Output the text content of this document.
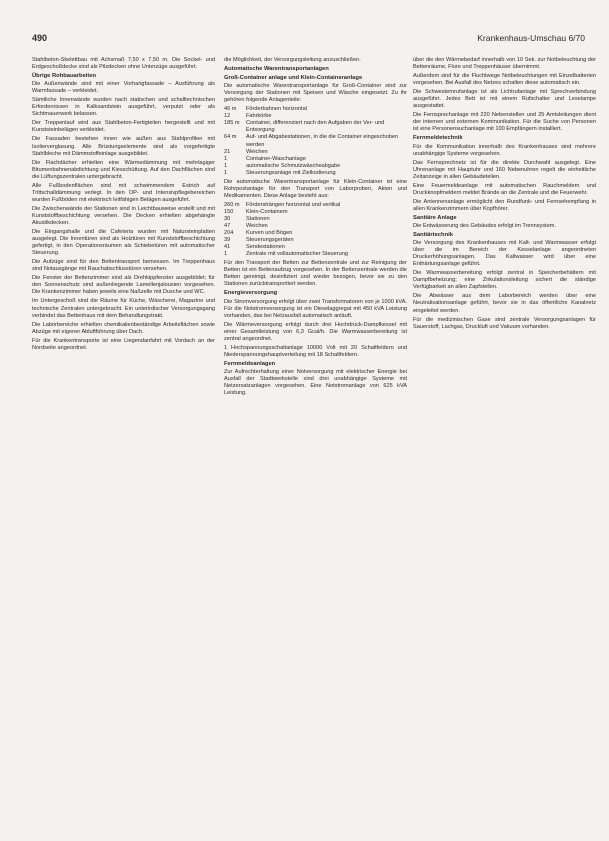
490	Krankenhaus-Umschau 6/70

Stahlbeton-Skelettbau mit Achsmaß 7,50 x 7,50 m. Die Sockel- und Erdgeschoßdecke sind als Pilzdecken ohne Unterzüge ausgeführt.

Übrige Rohbauarbeiten

Die Außenwände sind mit einer Vorhangfassade – Ausführung als Warmfassade – verkleidet.

Sämtliche Innenwände wurden nach statischen und schalltechnischen Erfordernissen in Kalksandstein ausgeführt, verputzt oder als Sichtmauerwerk belassen.

Der Treppenlauf wird aus Stahlbeton-Fertigteilen hergestellt und mit Kunststeinbelägen verkleidet.

Die Fassaden bestehen innen wie außen aus Stahlprofilen mit Isolierverglasung. Alle Brüstungselemente sind als vorgefertigte Stahlbleche mit Dämmstoffeinlage ausgebildet.

Die Flachdächer erhielten eine Wärmedämmung mit mehrlagiger Bitumenbahnenabdichtung und Kiesschüttung. Auf den Dachflächen sind die Lüftungszentralen untergebracht.

Alle Fußbodenflächen sind mit schwimmendem Estrich auf Trittschalldämmung verlegt. In den OP- und Intensivpflegebereichen wurden Fußböden mit elektrisch leitfähigen Belägen ausgeführt.

Die Zwischenwände der Stationen sind in Leichtbauweise erstellt und mit Kunststoffbeschichtung versehen. Die Decken erhielten abgehängte Akustikdecken.

Die Eingangshalle und die Cafeteria wurden mit Natursteinplatten ausgelegt. Die Innentüren sind als Holztüren mit Kunststoffbeschichtung gefertigt, in den Operationsräumen als Schiebetüren mit automatischer Steuerung.

Die Aufzüge sind für den Bettentransport bemessen. Im Treppenhaus sind Notausgänge mit Rauchabschlusstüren versehen.

Die Fenster der Bettenzimmer sind als Drehkippfenster ausgebildet; für den Sonnenschutz sind außenliegende Lamellenjalousien vorgesehen. Die Krankenzimmer haben jeweils eine Naßzelle mit Dusche und WC.

Im Untergeschoß sind die Räume für Küche, Wäscherei, Magazine und technische Zentralen untergebracht. Ein unterirdischer Versorgungsgang verbindet das Bettenhaus mit dem Behandlungstrakt.

Die Laborbereiche erhielten chemikalienbeständige Arbeitsflächen sowie Abzüge mit eigener Abluftführung über Dach.

Für die Krankentransporte ist eine Liegendanfahrt mit Vordach an der Nordseite angeordnet.

die Möglichkeit, der Versorgungsleitung anzuschließen.

Automatische Warentransportanlagen
Groß-Container anlage und Klein-Containeranlage

Die automatische Warentransportanlage für Groß-Container sind zur Versorgung der Stationen mit Speisen und Wäsche eingesetzt. Zu ihr gehören folgende Anlagenteile:

46 m	Förderbahnen horizontal
12	Fahrkörbe
185 m	Container, differenziert nach den Aufgaben der Ver- und Entsorgung
64 m	Auf- und Abgabestationen, in die die Container eingeschoben werden
21	Weichen
1	Container-Waschanlage
1	automatische Schmutzwäscheabgabe
1	Steuerungsanlage mit Zielkodierung

Die automatische Warentransportanlage für Klein-Container ist eine Rohrpostanlage für den Transport von Laborproben, Akten und Medikamenten. Diese Anlage besteht aus:

260 m	Fördersträngen horizontal und vertikal
150	Klein-Containern
30	Stationen
47	Weichen
204	Kurven und Bögen
39	Steuerungsgeräten
41	Sendestationen
1	Zentrale mit vollautomatischer Steuerung

Für den Transport der Betten zur Bettenzentrale und zur Reinigung der Betten ist ein Bettenaufzug vorgesehen. In der Bettenzentrale werden die Betten gereinigt, desinfiziert und wieder bezogen, bevor sie zu den Stationen zurücktransportiert werden.

Energieversorgung

Die Stromversorgung erfolgt über zwei Transformatoren von je 1000 kVA. Für die Notstromversorgung ist ein Dieselaggregat mit 450 kVA Leistung vorhanden, das bei Netzausfall automatisch anläuft.

Die Wärmeversorgung erfolgt durch drei Hochdruck-Dampfkessel mit einer Gesamtleistung von 6,3 Gcal/h. Die Warmwasserbereitung ist zentral angeordnet.

1 Hochspannungsschaltanlage 10000 Volt mit 20 Schaltfeldern und Niederspannungshauptverteilung mit 18 Schaltfeldern.

Fernmeldeanlagen

Zur Aufrechterhaltung einer Notversorgung mit elektrischer Energie bei Ausfall der Stadtwerkstelle sind drei unabhängige Systeme mit Netzersatzanlagen vorgesehen. Eine Notstromanlage von 625 kVA Leistung.

über die den Wärmebedarf innerhalb von 10 Sek. zur Notbeleuchtung der Bettenräume, Flure und Treppenhäuser übernimmt.

Außerdem sind für die Fluchtwege Notbeleuchtungen mit Einzelbatterien vorgesehen. Bei Ausfall des Netzes schalten diese automatisch ein.

Die Schwesternrufanlage ist als Lichtrufanlage mit Sprechverbindung ausgeführt. Jedes Bett ist mit einem Rufschalter und Leselampe ausgestattet.

Die Fernsprechanlage mit 220 Nebenstellen und 25 Amtsleitungen dient der internen und externen Kommunikation. Für die Suche von Personen ist eine Personensuchanlage mit 100 Empfängern installiert.

Fernmeldetechnik

Für die Kommunikation innerhalb des Krankenhauses sind mehrere unabhängige Systeme vorgesehen.

Das Fernsprechnetz ist für die direkte Durchwahl ausgelegt. Eine Uhrenanlage mit Hauptuhr und 160 Nebenuhren regelt die einheitliche Zeitanzeige in allen Gebäudeteilen.

Eine Feuermeldeanlage mit automatischen Rauchmeldern und Druckknopfmeldern meldet Brände an die Zentrale und die Feuerwehr.

Die Antennenanlage ermöglicht den Rundfunk- und Fernsehempfang in allen Krankenzimmern über Kopfhörer.

Sanitäre Anlage

Die Entwässerung des Gebäudes erfolgt im Trennsystem.

Sanitärtechnik

Die Versorgung des Krankenhauses mit Kalt- und Warmwasser erfolgt über die im Bereich der Kesselanlage angeordneten Druckerhöhungsanlagen. Das Kaltwasser wird über eine Enthärtungsanlage geführt.

Die Warmwasserbereitung erfolgt zentral in Speicherbehältern mit Dampfbeheizung; eine Zirkulationsleitung sichert die ständige Verfügbarkeit an allen Zapfstellen.

Die Abwässer aus dem Laborbereich werden über eine Neutralisationsanlage geführt, bevor sie in das öffentliche Kanalnetz eingeleitet werden.

Für die medizinischen Gase sind zentrale Versorgungsanlagen für Sauerstoff, Lachgas, Druckluft und Vakuum vorhanden.
